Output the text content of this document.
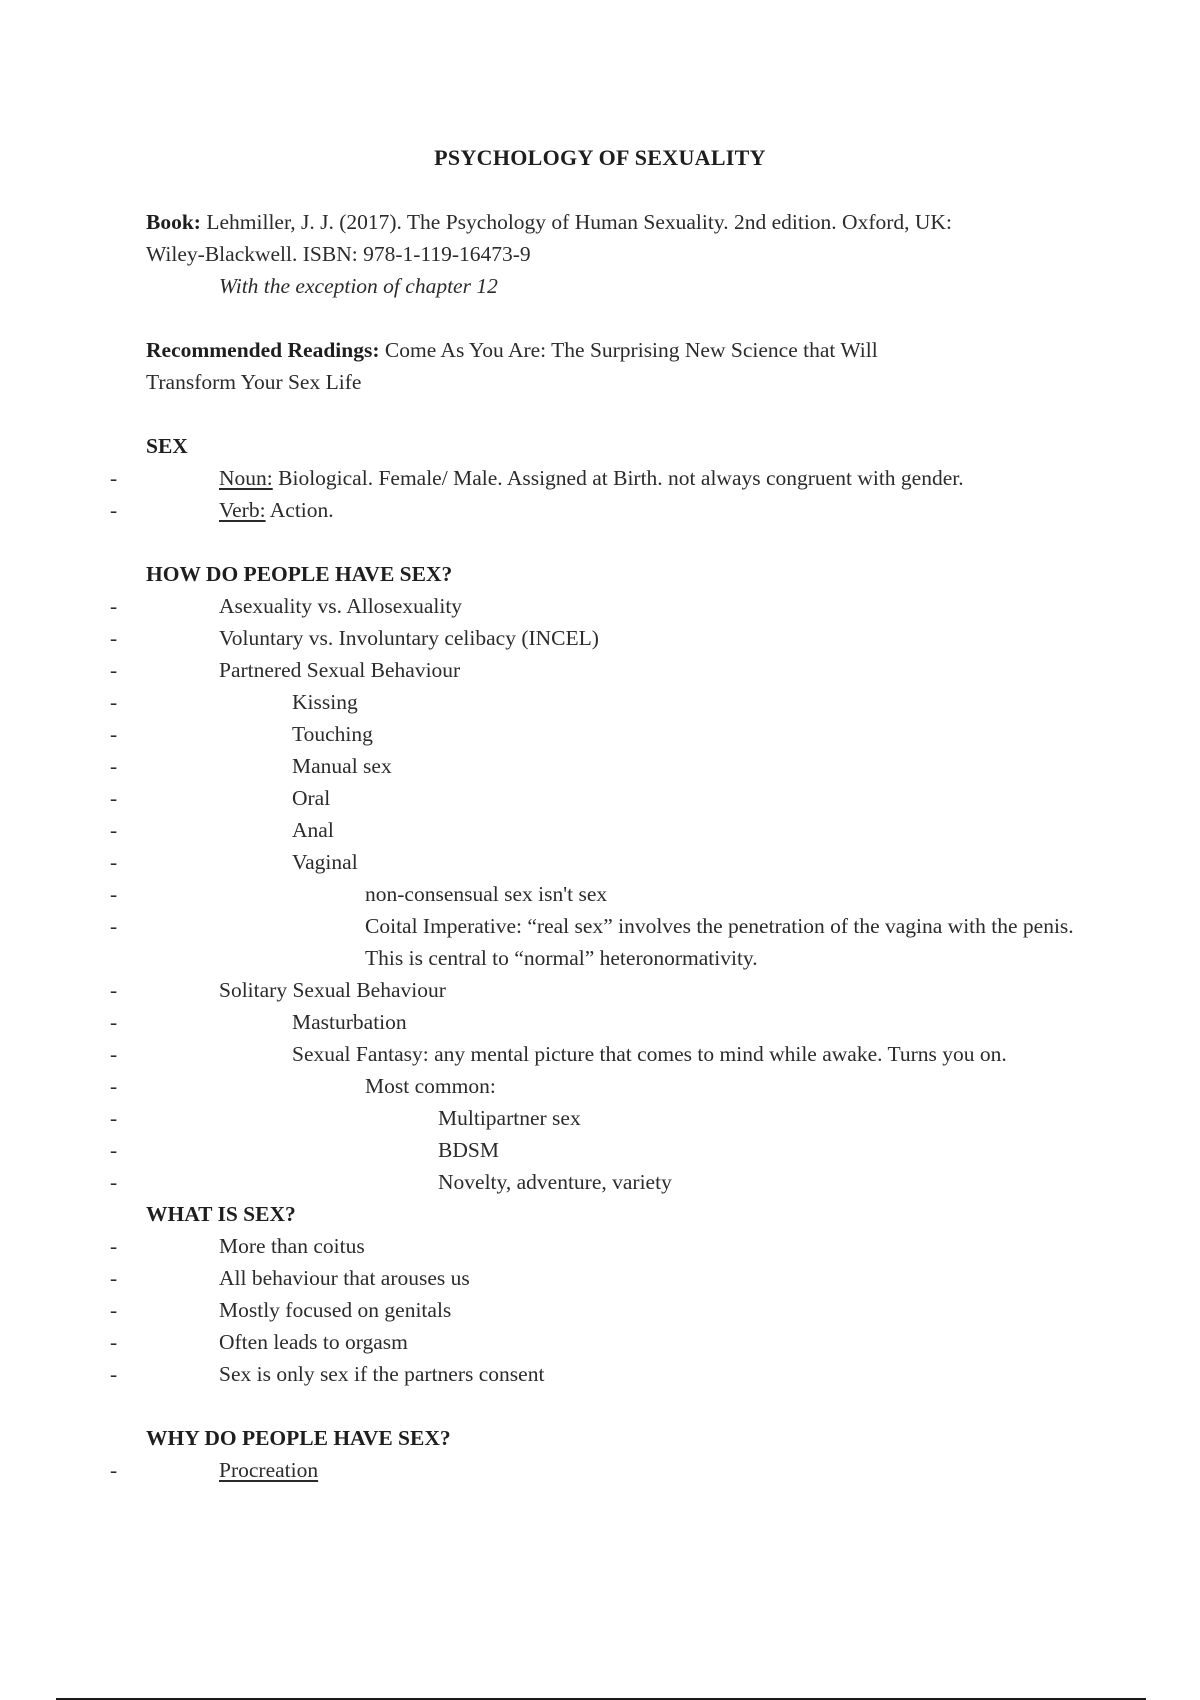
PSYCHOLOGY OF SEXUALITY

Book: Lehmiller, J. J. (2017). The Psychology of Human Sexuality. 2nd edition. Oxford, UK:
Wiley-Blackwell. ISBN: 978-1-119-16473-9

With the exception of chapter 12

Recommended Readings: Come As You Are: The Surprising New Science that Will
Transform Your Sex Life

SEX

- Noun: Biological. Female/ Male. Assigned at Birth. not always congruent with gender.
- Verb: Action.

HOW DO PEOPLE HAVE SEX?

- Asexuality vs. Allosexuality
- Voluntary vs. Involuntary celibacy (INCEL)
- Partnered Sexual Behaviour
- Kissing
- Touching
- Manual sex
- Oral
- Anal
- Vaginal
- non-consensual sex isn't sex
- Coital Imperative: “real sex” involves the penetration of the vagina with the penis. This is central to “normal” heteronormativity.
- Solitary Sexual Behaviour
- Masturbation
- Sexual Fantasy: any mental picture that comes to mind while awake. Turns you on.
- Most common:
- Multipartner sex
- BDSM
- Novelty, adventure, variety

WHAT IS SEX?

- More than coitus
- All behaviour that arouses us
- Mostly focused on genitals
- Often leads to orgasm
- Sex is only sex if the partners consent

WHY DO PEOPLE HAVE SEX?

- Procreation
